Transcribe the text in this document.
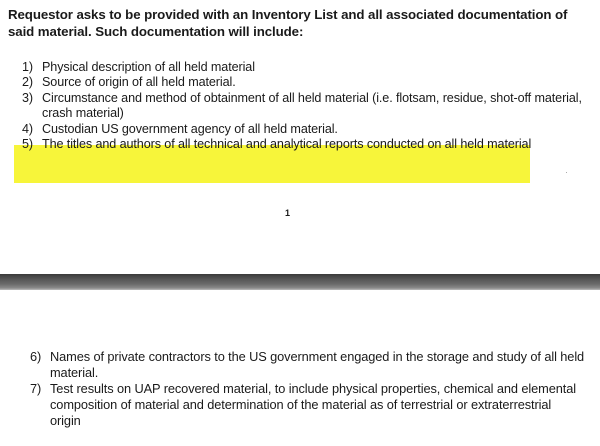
Requestor asks to be provided with an Inventory List and all associated documentation of said material. Such documentation will include:
1) Physical description of all held material
2) Source of origin of all held material.
3) Circumstance and method of obtainment of all held material (i.e. flotsam, residue, shot-off material, crash material)
4) Custodian US government agency of all held material.
5) The titles and authors of all technical and analytical reports conducted on all held material
1
6) Names of private contractors to the US government engaged in the storage and study of all held material.
7) Test results on UAP recovered material, to include physical properties, chemical and elemental composition of material and determination of the material as of terrestrial or extraterrestrial origin
